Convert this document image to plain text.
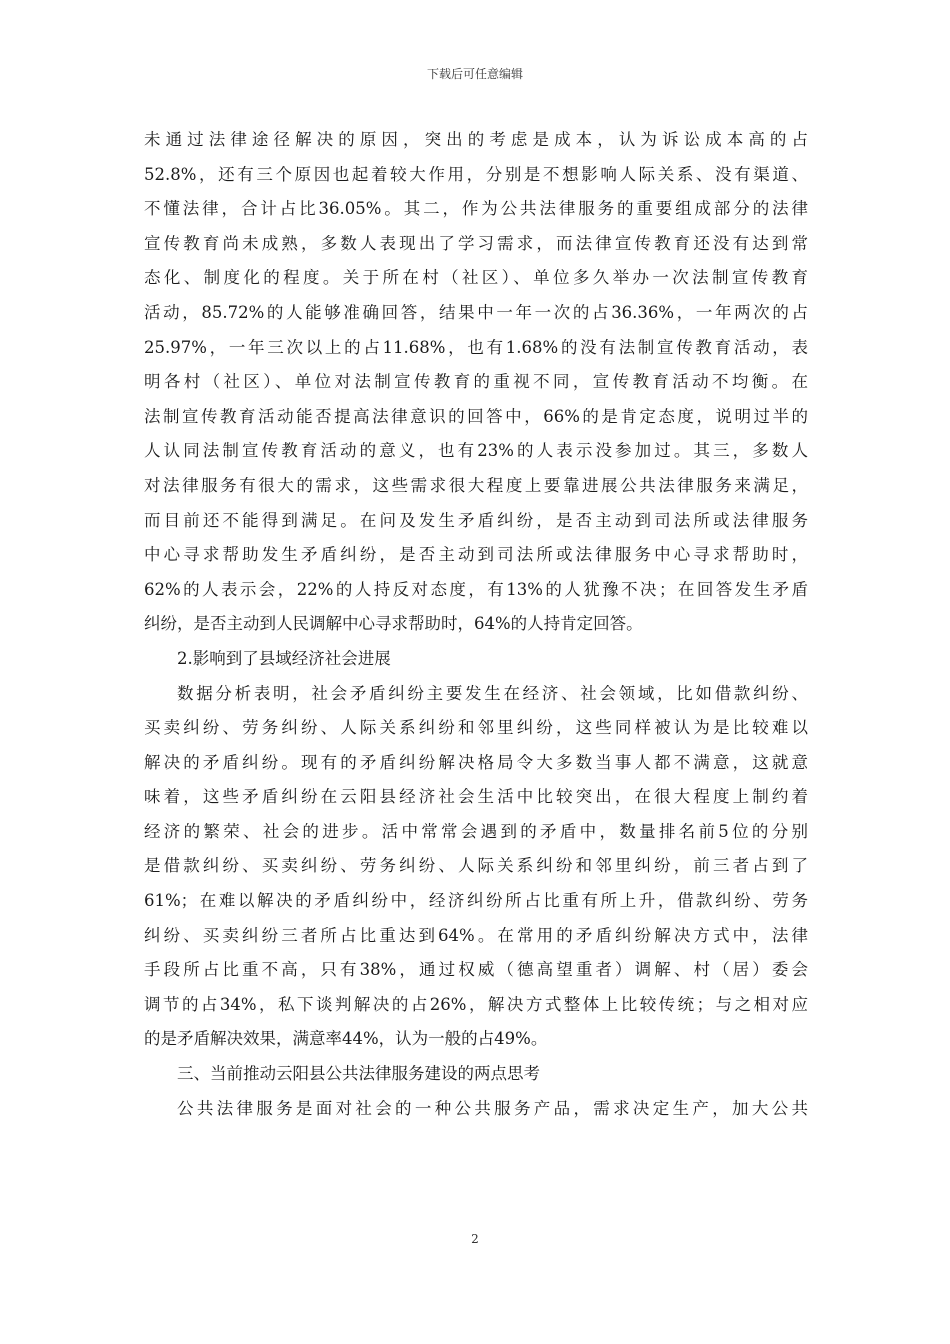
下载后可任意编辑
未通过法律途径解决的原因，突出的考虑是成本，认为诉讼成本高的占
52.8%，还有三个原因也起着较大作用，分别是不想影响人际关系、没有渠道、
不懂法律，合计占比36.05%。其二，作为公共法律服务的重要组成部分的法律
宣传教育尚未成熟，多数人表现出了学习需求，而法律宣传教育还没有达到常
态化、制度化的程度。关于所在村（社区）、单位多久举办一次法制宣传教育
活动，85.72%的人能够准确回答，结果中一年一次的占36.36%，一年两次的占
25.97%，一年三次以上的占11.68%，也有1.68%的没有法制宣传教育活动，表
明各村（社区）、单位对法制宣传教育的重视不同，宣传教育活动不均衡。在
法制宣传教育活动能否提高法律意识的回答中，66%的是肯定态度，说明过半的
人认同法制宣传教育活动的意义，也有23%的人表示没参加过。其三，多数人
对法律服务有很大的需求，这些需求很大程度上要靠进展公共法律服务来满足，
而目前还不能得到满足。在问及发生矛盾纠纷，是否主动到司法所或法律服务
中心寻求帮助发生矛盾纠纷，是否主动到司法所或法律服务中心寻求帮助时，
62%的人表示会，22%的人持反对态度，有13%的人犹豫不决；在回答发生矛盾
纠纷，是否主动到人民调解中心寻求帮助时，64%的人持肯定回答。
2.影响到了县域经济社会进展
数据分析表明，社会矛盾纠纷主要发生在经济、社会领域，比如借款纠纷、
买卖纠纷、劳务纠纷、人际关系纠纷和邻里纠纷，这些同样被认为是比较难以
解决的矛盾纠纷。现有的矛盾纠纷解决格局令大多数当事人都不满意，这就意
味着，这些矛盾纠纷在云阳县经济社会生活中比较突出，在很大程度上制约着
经济的繁荣、社会的进步。活中常常会遇到的矛盾中，数量排名前5位的分别
是借款纠纷、买卖纠纷、劳务纠纷、人际关系纠纷和邻里纠纷，前三者占到了
61%；在难以解决的矛盾纠纷中，经济纠纷所占比重有所上升，借款纠纷、劳务
纠纷、买卖纠纷三者所占比重达到64%。在常用的矛盾纠纷解决方式中，法律
手段所占比重不高，只有38%，通过权威（德高望重者）调解、村（居）委会
调节的占34%，私下谈判解决的占26%，解决方式整体上比较传统；与之相对应
的是矛盾解决效果，满意率44%，认为一般的占49%。
三、当前推动云阳县公共法律服务建设的两点思考
公共法律服务是面对社会的一种公共服务产品，需求决定生产，加大公共
2
